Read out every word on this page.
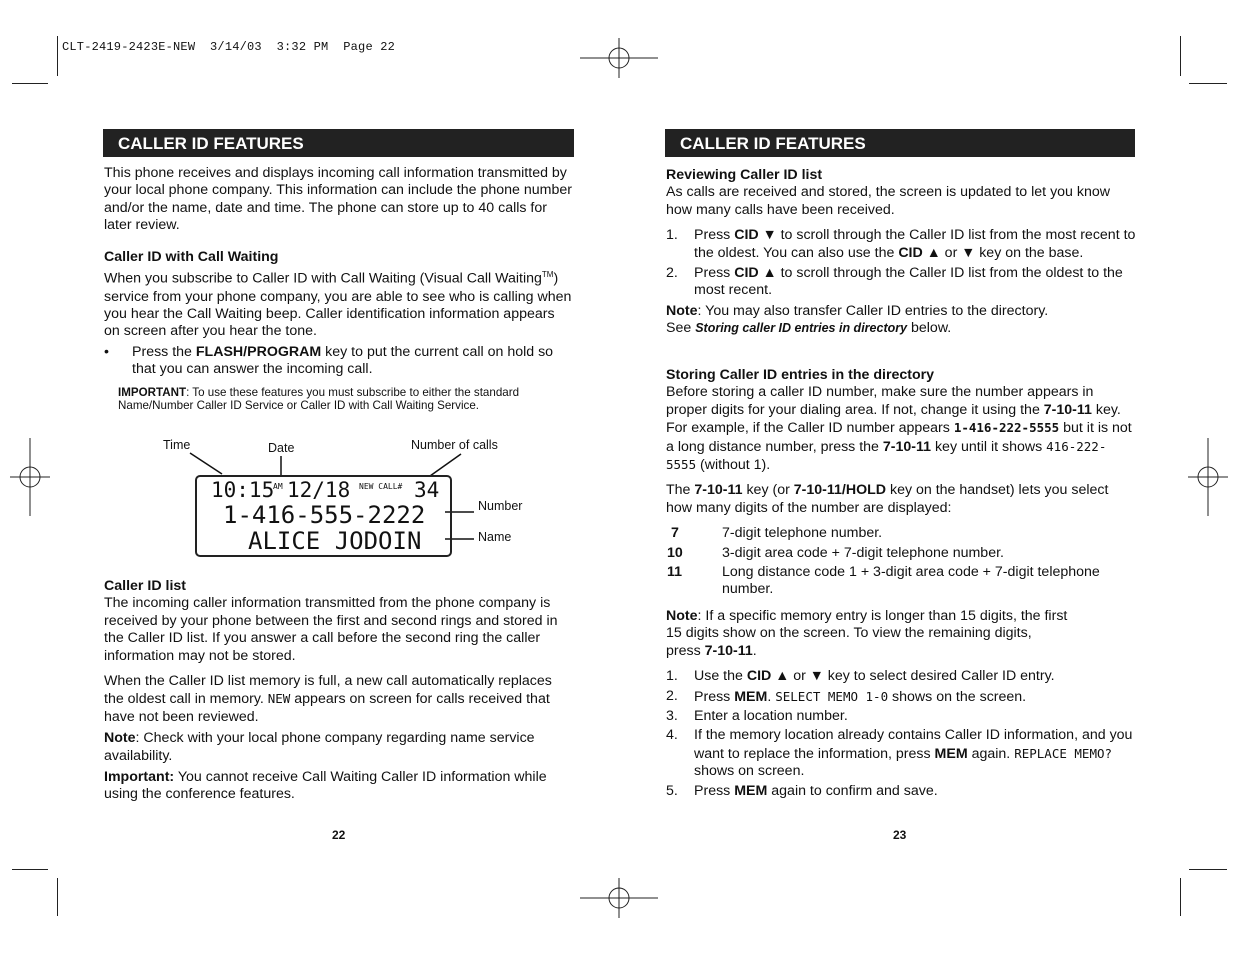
CLT-2419-2423E-NEW  3/14/03  3:32 PM  Page 22
CALLER ID FEATURES

This phone receives and displays incoming call information transmitted by your local phone company. This information can include the phone number and/or the name, date and time. The phone can store up to 40 calls for later review.

Caller ID with Call Waiting

When you subscribe to Caller ID with Call Waiting (Visual Call Waiting™) service from your phone company, you are able to see who is calling when you hear the Call Waiting beep. Caller identification information appears on screen after you hear the tone.

•	Press the FLASH/PROGRAM key to put the current call on hold so that you can answer the incoming call.
IMPORTANT: To use these features you must subscribe to either the standard Name/Number Caller ID Service or Caller ID with Call Waiting Service.
Time	Date	Number of calls
Number
Name
10:15
AM 12/18 NEW CALL# 34
1-416-555-2222
ALICE JODOIN

Caller ID list

The incoming caller information transmitted from the phone company is received by your phone between the first and second rings and stored in the Caller ID list. If you answer a call before the second ring the caller information may not be stored.

When the Caller ID list memory is full, a new call automatically replaces the oldest call in memory. NEW appears on screen for calls received that have not been reviewed.

Note: Check with your local phone company regarding name service availability.

Important: You cannot receive Call Waiting Caller ID information while using the conference features.

22
CALLER ID FEATURES

Reviewing Caller ID list

As calls are received and stored, the screen is updated to let you know how many calls have been received.

1.	Press CID ▼ to scroll through the Caller ID list from the most recent to the oldest. You can also use the CID ▲ or ▼ key on the base.
2.	Press CID ▲ to scroll through the Caller ID list from the oldest to the most recent.

Note: You may also transfer Caller ID entries to the directory.
See Storing caller ID entries in directory below.

Storing Caller ID entries in the directory

Before storing a caller ID number, make sure the number appears in proper digits for your dialing area. If not, change it using the 7-10-11 key. For example, if the Caller ID number appears 1-416-222-5555 but it is not a long distance number, press the 7-10-11 key until it shows 416-222-5555 (without 1).

The 7-10-11 key (or 7-10-11/HOLD key on the handset) lets you select how many digits of the number are displayed:

7	7-digit telephone number.
10	3-digit area code + 7-digit telephone number.
11	Long distance code 1 + 3-digit area code + 7-digit telephone number.

Note: If a specific memory entry is longer than 15 digits, the first
15 digits show on the screen. To view the remaining digits,
press 7-10-11.

1.	Use the CID ▲ or ▼ key to select desired Caller ID entry.
2.	Press MEM. SELECT MEMO 1-0 shows on the screen.
3.	Enter a location number.
4.	If the memory location already contains Caller ID information, and you want to replace the information, press MEM again. REPLACE MEMO? shows on screen.
5.	Press MEM again to confirm and save.
23
